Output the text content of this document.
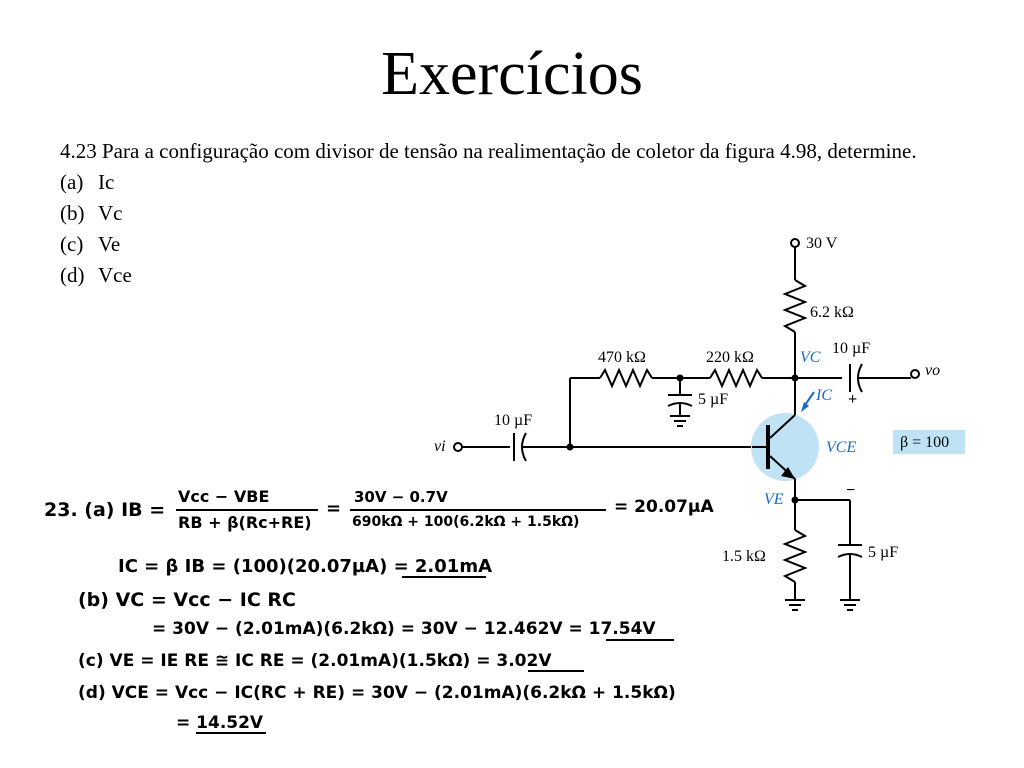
Exercícios
4.23 Para a configuração com divisor de tensão na realimentação de coletor da figura 4.98, determine.
(a) Ic
(b) Vc
(c) Ve
(d) Vce
30 V
6.2 kΩ
470 kΩ	220 kΩ
5 µF
10 µF
10 µF
vo
vi
VC
IC
VCE
VE
+
−
β = 100
1.5 kΩ	5 µF
23. (a) IB =
Vcc − VBE
RB + β(Rc+RE)
=
30V − 0.7V
690kΩ + 100(6.2kΩ + 1.5kΩ)
= 20.07µA
IC = β IB = (100)(20.07µA) = 2.01mA
(b) VC = Vcc − IC RC
= 30V − (2.01mA)(6.2kΩ) = 30V − 12.462V = 17.54V
(c) VE = IE RE ≅ IC RE = (2.01mA)(1.5kΩ) = 3.02V
(d) VCE = Vcc − IC(RC + RE) = 30V − (2.01mA)(6.2kΩ + 1.5kΩ)
= 14.52V
